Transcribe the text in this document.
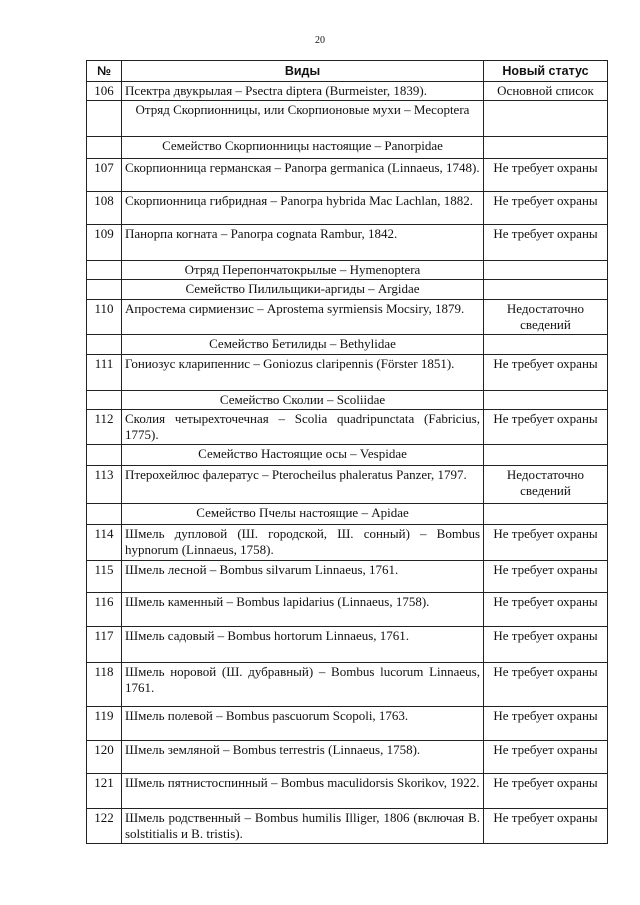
20
№	Виды	Новый статус
106	Псектра двукрылая – Psectra diptera (Burmeister, 1839).	Основной список
	Отряд Скорпионницы, или Скорпионовые мухи – Mecoptera	
	Семейство Скорпионницы настоящие – Panorpidae	
107	Скорпионница германская – Panorpa germanica (Linnaeus, 1748).	Не требует охраны
108	Скорпионница гибридная – Panorpa hybrida Mac Lachlan, 1882.	Не требует охраны
109	Панорпа когната – Panorpa cognata Rambur, 1842.	Не требует охраны
	Отряд Перепончатокрылые – Hymenoptera	
	Семейство Пилильщики-аргиды – Argidae	
110	Апростема сирмиензис – Aprostema syrmiensis Mocsiry, 1879.	Недостаточно сведений
	Семейство Бетилиды – Bethylidae	
111	Гониозус кларипеннис – Goniozus claripennis (Förster 1851).	Не требует охраны
	Семейство Сколии – Scoliidae	
112	Сколия четырехточечная – Scolia quadripunctata (Fabricius, 1775).	Не требует охраны
	Семейство Настоящие осы – Vespidae	
113	Птерохейлюс фалератус – Pterocheilus phaleratus Panzer, 1797.	Недостаточно сведений
	Семейство Пчелы настоящие – Apidae	
114	Шмель дупловой (Ш. городской, Ш. сонный) – Bombus hypnorum (Linnaeus, 1758).	Не требует охраны
115	Шмель лесной – Bombus silvarum Linnaeus, 1761.	Не требует охраны
116	Шмель каменный – Bombus lapidarius (Linnaeus, 1758).	Не требует охраны
117	Шмель садовый – Bombus hortorum Linnaeus, 1761.	Не требует охраны
118	Шмель норовой (Ш. дубравный) – Bombus lucorum Linnaeus, 1761.	Не требует охраны
119	Шмель полевой – Bombus pascuorum Scopoli, 1763.	Не требует охраны
120	Шмель земляной – Bombus terrestris (Linnaeus, 1758).	Не требует охраны
121	Шмель пятнистоспинный – Bombus maculidorsis Skorikov, 1922.	Не требует охраны
122	Шмель родственный – Bombus humilis Illiger, 1806 (включая B. solstitialis и B. tristis).	Не требует охраны
